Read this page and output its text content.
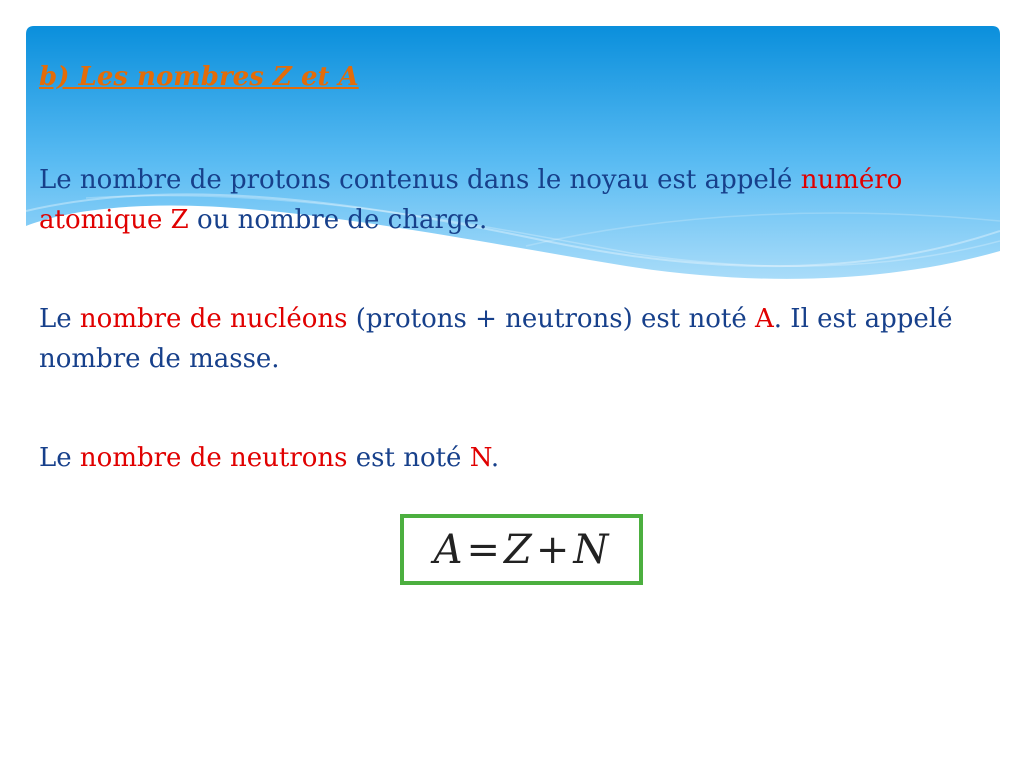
b) Les nombres Z et A

Le nombre de protons contenus dans le noyau est appelé numéro atomique Z ou nombre de charge.

Le nombre de nucléons (protons + neutrons) est noté A. Il est appelé nombre de masse.

Le nombre de neutrons est noté N.

A=Z+N
